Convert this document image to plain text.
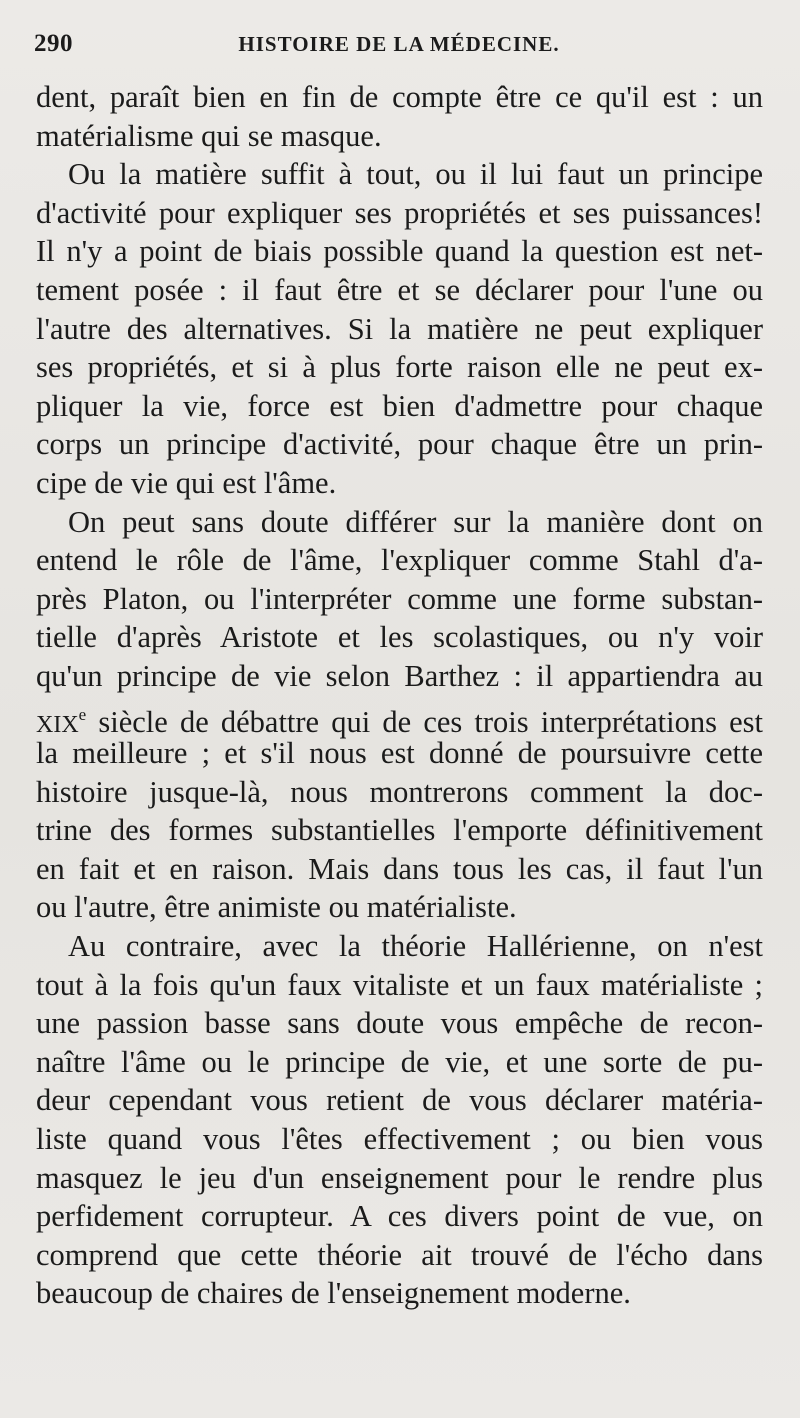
290	HISTOIRE DE LA MÉDECINE.

dent, paraît bien en fin de compte être ce qu'il est : un
matérialisme qui se masque.

Ou la matière suffit à tout, ou il lui faut un principe
d'activité pour expliquer ses propriétés et ses puissances!
Il n'y a point de biais possible quand la question est net-
tement posée : il faut être et se déclarer pour l'une ou
l'autre des alternatives. Si la matière ne peut expliquer
ses propriétés, et si à plus forte raison elle ne peut ex-
pliquer la vie, force est bien d'admettre pour chaque
corps un principe d'activité, pour chaque être un prin-
cipe de vie qui est l'âme.

On peut sans doute différer sur la manière dont on
entend le rôle de l'âme, l'expliquer comme Stahl d'a-
près Platon, ou l'interpréter comme une forme substan-
tielle d'après Aristote et les scolastiques, ou n'y voir
qu'un principe de vie selon Barthez : il appartiendra au
XIXe siècle de débattre qui de ces trois interprétations est
la meilleure ; et s'il nous est donné de poursuivre cette
histoire jusque-là, nous montrerons comment la doc-
trine des formes substantielles l'emporte définitivement
en fait et en raison. Mais dans tous les cas, il faut l'un
ou l'autre, être animiste ou matérialiste.

Au contraire, avec la théorie Hallérienne, on n'est
tout à la fois qu'un faux vitaliste et un faux matérialiste ;
une passion basse sans doute vous empêche de recon-
naître l'âme ou le principe de vie, et une sorte de pu-
deur cependant vous retient de vous déclarer matéria-
liste quand vous l'êtes effectivement ; ou bien vous
masquez le jeu d'un enseignement pour le rendre plus
perfidement corrupteur. A ces divers point de vue, on
comprend que cette théorie ait trouvé de l'écho dans
beaucoup de chaires de l'enseignement moderne.
